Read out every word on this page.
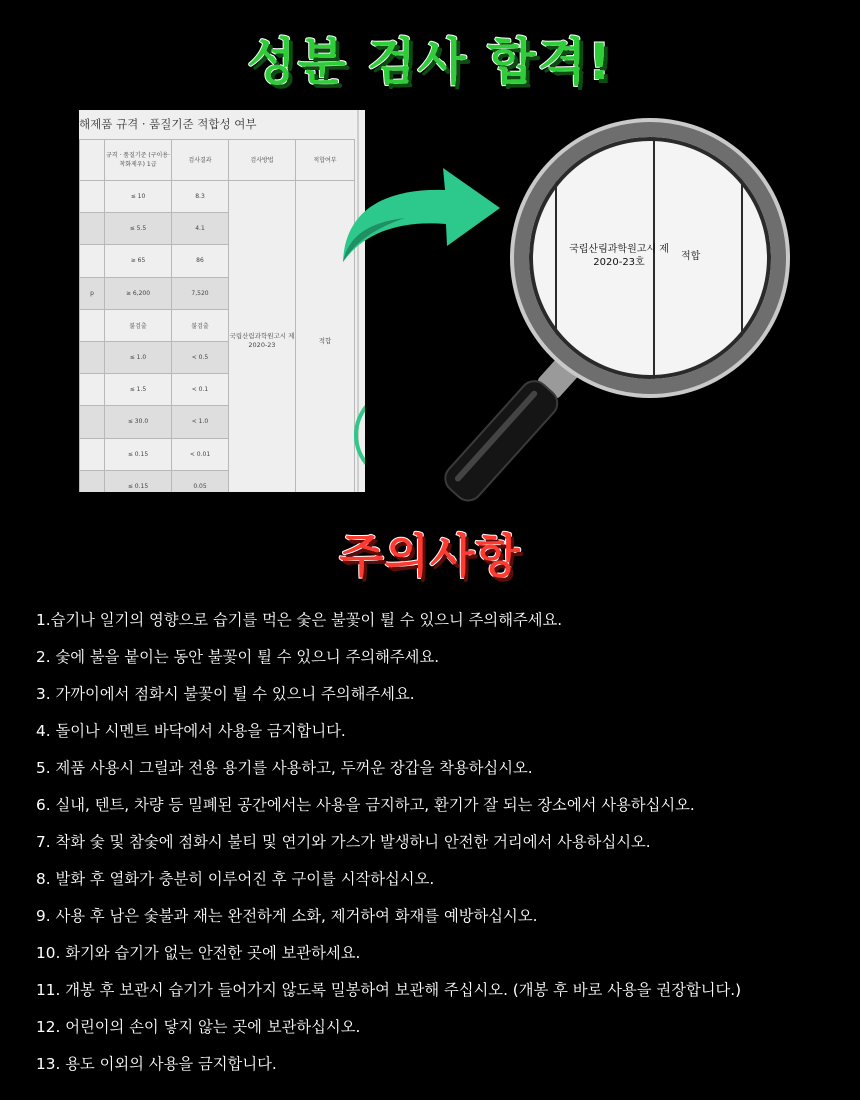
성분 검사 합격!
해제품 규격 · 품질기준 적합성 여부
	규격 · 품질기준 (구이용·착화제우) 1급	검사결과	검사방법	적합여부
	≤ 10	8.3	국립산림과학원고시 제2020-23	적합
	≤ 5.5	4.1		
	≥ 65	86		
p	≥ 6,200	7,520		
	불검출	불검출		
	≤ 1.0	< 0.5		
	≤ 1.5	< 0.1		
	≤ 30.0	< 1.0		
	≤ 0.15	< 0.01		
	≤ 0.15	0.05		
국립산림과학원고시 제2020-23호
적합
주의사항
1.습기나 일기의 영향으로 습기를 먹은 숯은 불꽃이 튈 수 있으니 주의해주세요.
2. 숯에 불을 붙이는 동안 불꽃이 튈 수 있으니 주의해주세요.
3. 가까이에서 점화시 불꽃이 튈 수 있으니 주의해주세요.
4. 돌이나 시멘트 바닥에서 사용을 금지합니다.
5. 제품 사용시 그릴과 전용 용기를 사용하고, 두꺼운 장갑을 착용하십시오.
6. 실내, 텐트, 차량 등 밀폐된 공간에서는 사용을 금지하고, 환기가 잘 되는 장소에서 사용하십시오.
7. 착화 숯 및 참숯에 점화시 불티 및 연기와 가스가 발생하니 안전한 거리에서 사용하십시오.
8. 발화 후 열화가 충분히 이루어진 후 구이를 시작하십시오.
9. 사용 후 남은 숯불과 재는 완전하게 소화, 제거하여 화재를 예방하십시오.
10. 화기와 습기가 없는 안전한 곳에 보관하세요.
11. 개봉 후 보관시 습기가 들어가지 않도록 밀봉하여 보관해 주십시오. (개봉 후 바로 사용을 권장합니다.)
12. 어린이의 손이 닿지 않는 곳에 보관하십시오.
13. 용도 이외의 사용을 금지합니다.
